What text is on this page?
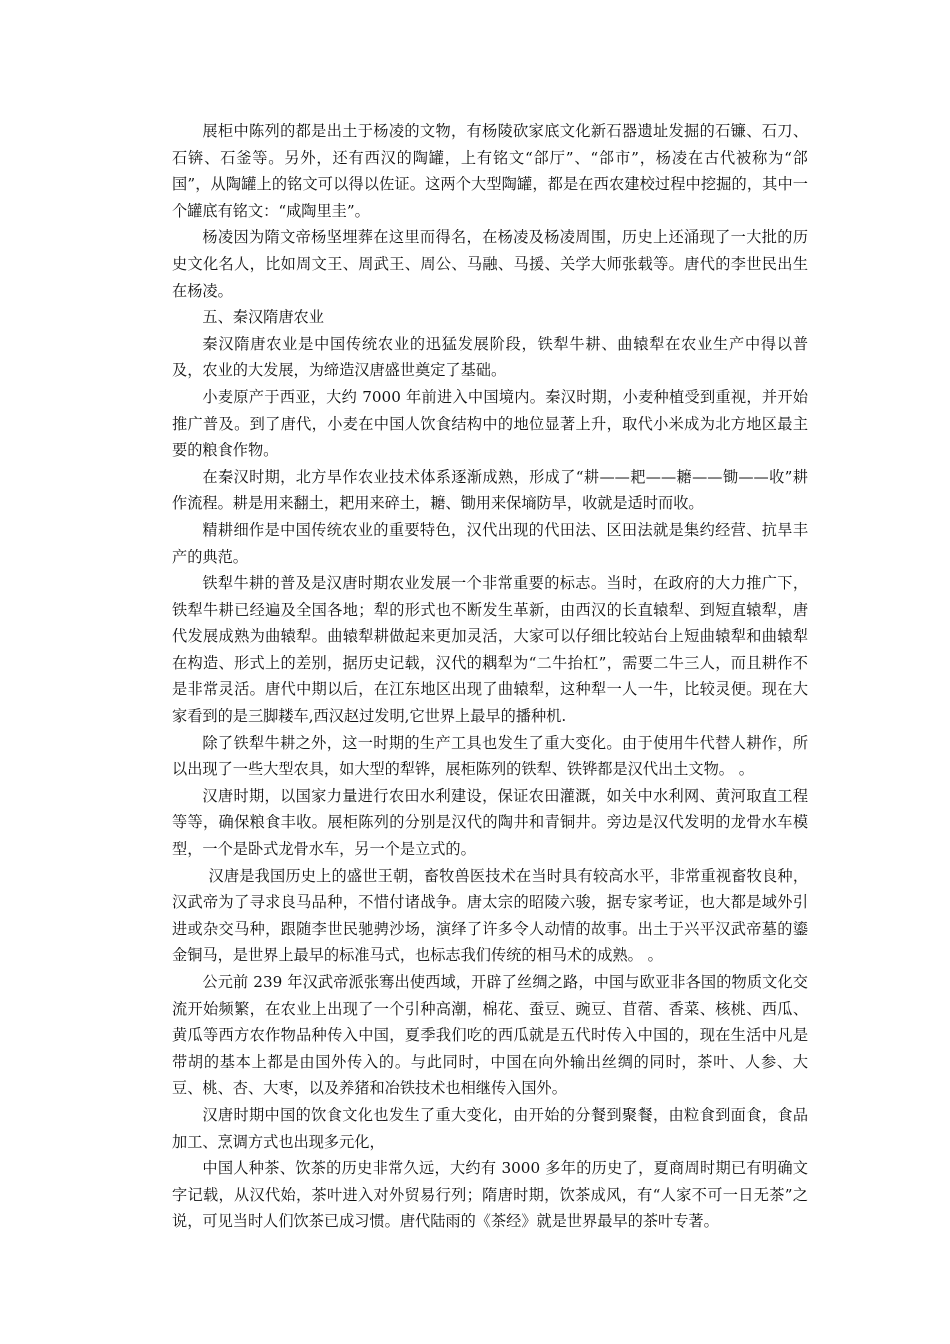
展柜中陈列的都是出土于杨凌的文物，有杨陵砍家底文化新石器遗址发掘的石镰、石刀、石锛、石釜等。另外，还有西汉的陶罐，上有铭文“郃厅”、“郃市”，杨凌在古代被称为“郃国”，从陶罐上的铭文可以得以佐证。这两个大型陶罐，都是在西农建校过程中挖掘的，其中一个罐底有铭文：“咸陶里圭”。

杨凌因为隋文帝杨坚埋葬在这里而得名，在杨凌及杨凌周围，历史上还涌现了一大批的历史文化名人，比如周文王、周武王、周公、马融、马援、关学大师张载等。唐代的李世民出生在杨凌。

五、秦汉隋唐农业

秦汉隋唐农业是中国传统农业的迅猛发展阶段，铁犁牛耕、曲辕犁在农业生产中得以普及，农业的大发展，为缔造汉唐盛世奠定了基础。

小麦原产于西亚，大约 7000 年前进入中国境内。秦汉时期，小麦种植受到重视，并开始推广普及。到了唐代，小麦在中国人饮食结构中的地位显著上升，取代小米成为北方地区最主要的粮食作物。

在秦汉时期，北方旱作农业技术体系逐渐成熟，形成了“耕——耙——耱——锄——收”耕作流程。耕是用来翻土，耙用来碎土，耱、锄用来保墒防旱，收就是适时而收。

精耕细作是中国传统农业的重要特色，汉代出现的代田法、区田法就是集约经营、抗旱丰产的典范。

铁犁牛耕的普及是汉唐时期农业发展一个非常重要的标志。当时，在政府的大力推广下，铁犁牛耕已经遍及全国各地；犁的形式也不断发生革新，由西汉的长直辕犁、到短直辕犁，唐代发展成熟为曲辕犁。曲辕犁耕做起来更加灵活，大家可以仔细比较站台上短曲辕犁和曲辕犁在构造、形式上的差别，据历史记载，汉代的耦犁为“二牛抬杠”，需要二牛三人，而且耕作不是非常灵活。唐代中期以后，在江东地区出现了曲辕犁，这种犁一人一牛，比较灵便。现在大家看到的是三脚耧车,西汉赵过发明,它世界上最早的播种机.

除了铁犁牛耕之外，这一时期的生产工具也发生了重大变化。由于使用牛代替人耕作，所以出现了一些大型农具，如大型的犁铧，展柜陈列的铁犁、铁铧都是汉代出土文物。 。

汉唐时期，以国家力量进行农田水利建设，保证农田灌溉，如关中水利网、黄河取直工程等等，确保粮食丰收。展柜陈列的分别是汉代的陶井和青铜井。旁边是汉代发明的龙骨水车模型，一个是卧式龙骨水车，另一个是立式的。

汉唐是我国历史上的盛世王朝，畜牧兽医技术在当时具有较高水平，非常重视畜牧良种，汉武帝为了寻求良马品种，不惜付诸战争。唐太宗的昭陵六骏，据专家考证，也大都是域外引进或杂交马种，跟随李世民驰骋沙场，演绎了许多令人动情的故事。出土于兴平汉武帝墓的鎏金铜马，是世界上最早的标准马式，也标志我们传统的相马术的成熟。 。

公元前 239 年汉武帝派张骞出使西域，开辟了丝绸之路，中国与欧亚非各国的物质文化交流开始频繁，在农业上出现了一个引种高潮，棉花、蚕豆、豌豆、苜蓿、香菜、核桃、西瓜、黄瓜等西方农作物品种传入中国，夏季我们吃的西瓜就是五代时传入中国的，现在生活中凡是带胡的基本上都是由国外传入的。与此同时，中国在向外输出丝绸的同时，茶叶、人参、大豆、桃、杏、大枣，以及养猪和冶铁技术也相继传入国外。

汉唐时期中国的饮食文化也发生了重大变化，由开始的分餐到聚餐，由粒食到面食，食品加工、烹调方式也出现多元化，

中国人种茶、饮茶的历史非常久远，大约有 3000 多年的历史了，夏商周时期已有明确文字记载，从汉代始，茶叶进入对外贸易行列；隋唐时期，饮茶成风，有“人家不可一日无茶”之说，可见当时人们饮茶已成习惯。唐代陆雨的《茶经》就是世界最早的茶叶专著。
